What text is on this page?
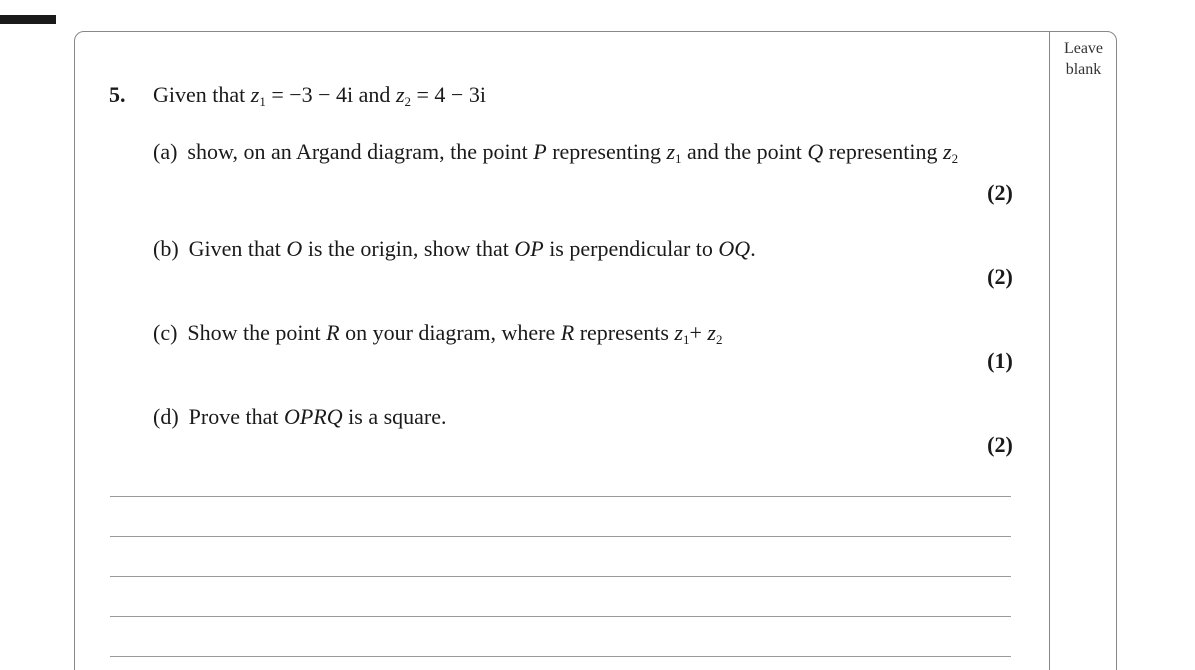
Leave
blank
5. Given that $z_1 = -3 - 4i$ and $z_2 = 4 - 3i$
(a) show, on an Argand diagram, the point P representing $z_1$ and the point Q representing $z_2$
(2)
(b) Given that O is the origin, show that OP is perpendicular to OQ.
(2)
(c) Show the point R on your diagram, where R represents $z_1+ z_2$
(1)
(d) Prove that OPRQ is a square.
(2)
